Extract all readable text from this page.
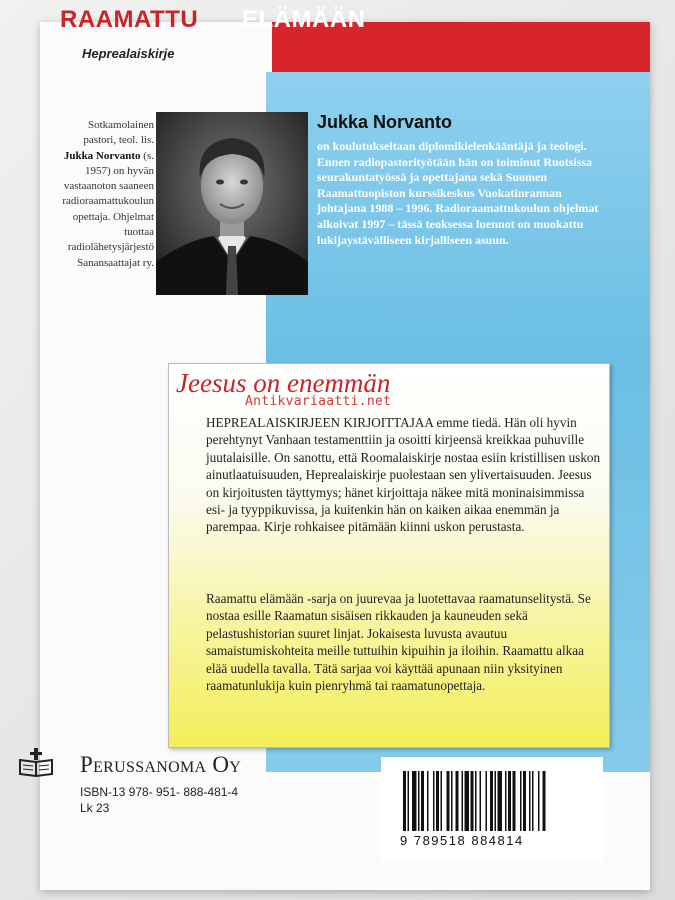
RAAMATTU ELÄMÄÄN
Heprealaiskirje
Sotkamolainen pastori, teol. lis. Jukka Norvanto (s. 1957) on hyvän vastaanoton saaneen radioraamattukoulun opettaja. Ohjelmat tuottaa radiolähetysjärjestö Sanansaattajat ry.
Jukka Norvanto
on koulutukseltaan diplomikielenkääntäjä ja teologi. Ennen radiopastorityötään hän on toiminut Ruotsissa seurakuntatyössä ja opettajana sekä Suomen Raamattuopiston kurssikeskus Vuokatinrannan johtajana 1988 – 1996. Radioraamattukoulun ohjelmat alkoivat 1997 – tässä teoksessa luennot on muokattu lukijaystävälliseen kirjalliseen asuun.
Jeesus on enemmän
Antikvariaatti.net
HEPREALAISKIRJEEN KIRJOITTAJAA emme tiedä. Hän oli hyvin perehtynyt Vanhaan testamenttiin ja osoitti kirjeensä kreikkaa puhuville juutalaisille. On sanottu, että Roomalaiskirje nostaa esiin kristillisen uskon ainutlaatuisuuden, Heprealaiskirje puolestaan sen ylivertaisuuden. Jeesus on kirjoitusten täyttymys; hänet kirjoittaja näkee mitä moninaisimmissa esi- ja tyyppikuvissa, ja kuitenkin hän on kaiken aikaa enemmän ja parempaa. Kirje rohkaisee pitämään kiinni uskon perustasta.
Raamattu elämään -sarja on juurevaa ja luotettavaa raamatunselitystä. Se nostaa esille Raamatun sisäisen rikkauden ja kauneuden sekä pelastushistorian suuret linjat. Jokaisesta luvusta avautuu samaistumiskohteita meille tuttuihin kipuihin ja iloihin. Raamattu alkaa elää uudella tavalla. Tätä sarjaa voi käyttää apunaan niin yksityinen raamatunlukija kuin pienryhmä tai raamatunopettaja.
Perussanoma Oy
ISBN-13 978- 951- 888-481-4
Lk 23
9 789518 884814
